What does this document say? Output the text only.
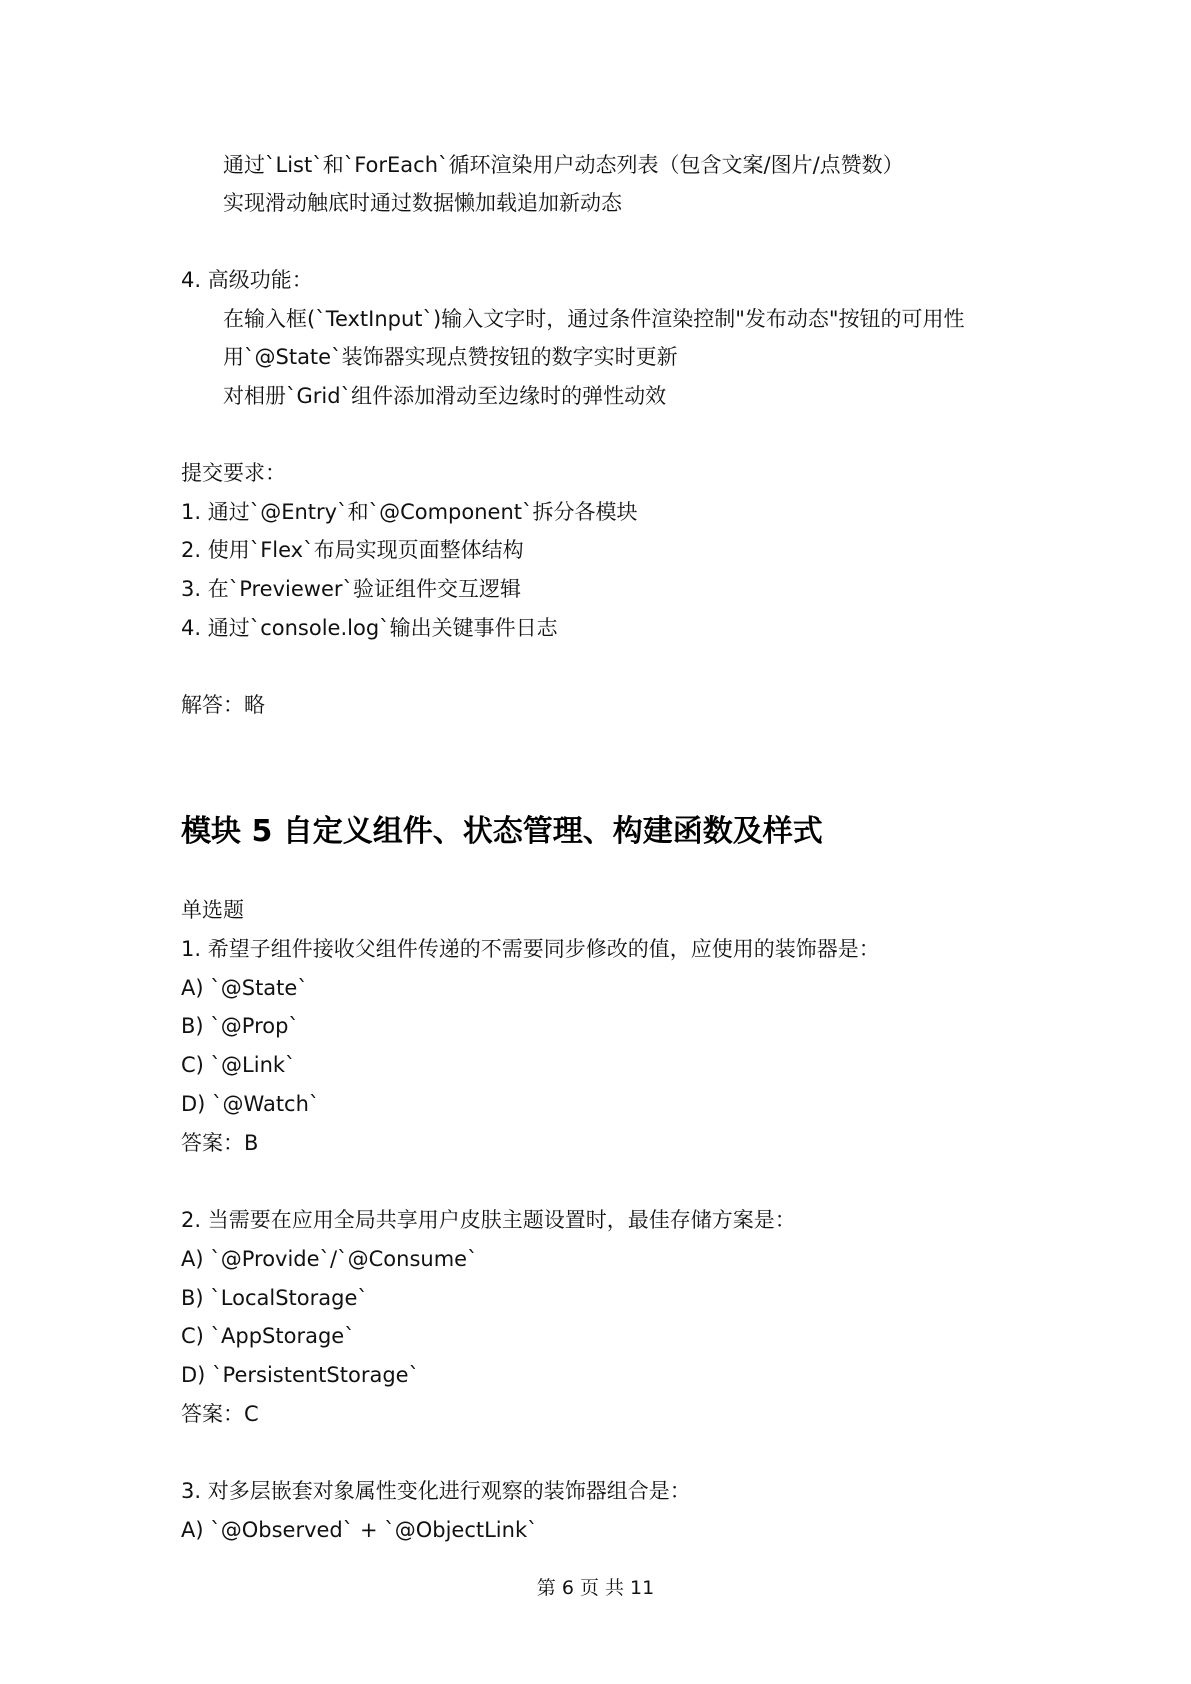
通过`List`和`ForEach`循环渲染用户动态列表（包含文案/图片/点赞数）
实现滑动触底时通过数据懒加载追加新动态
4. 高级功能：
在输入框(`TextInput`)输入文字时，通过条件渲染控制"发布动态"按钮的可用性
用`@State`装饰器实现点赞按钮的数字实时更新
对相册`Grid`组件添加滑动至边缘时的弹性动效
提交要求：
1. 通过`@Entry`和`@Component`拆分各模块
2. 使用`Flex`布局实现页面整体结构
3. 在`Previewer`验证组件交互逻辑
4. 通过`console.log`输出关键事件日志
解答：略
模块 5 自定义组件、状态管理、构建函数及样式
单选题
1. 希望子组件接收父组件传递的不需要同步修改的值，应使用的装饰器是：
A) `@State`
B) `@Prop`
C) `@Link`
D) `@Watch`
答案：B
2. 当需要在应用全局共享用户皮肤主题设置时，最佳存储方案是：
A) `@Provide`/`@Consume`
B) `LocalStorage`
C) `AppStorage`
D) `PersistentStorage`
答案：C
3. 对多层嵌套对象属性变化进行观察的装饰器组合是：
A) `@Observed` + `@ObjectLink`
第 6 页 共 11
